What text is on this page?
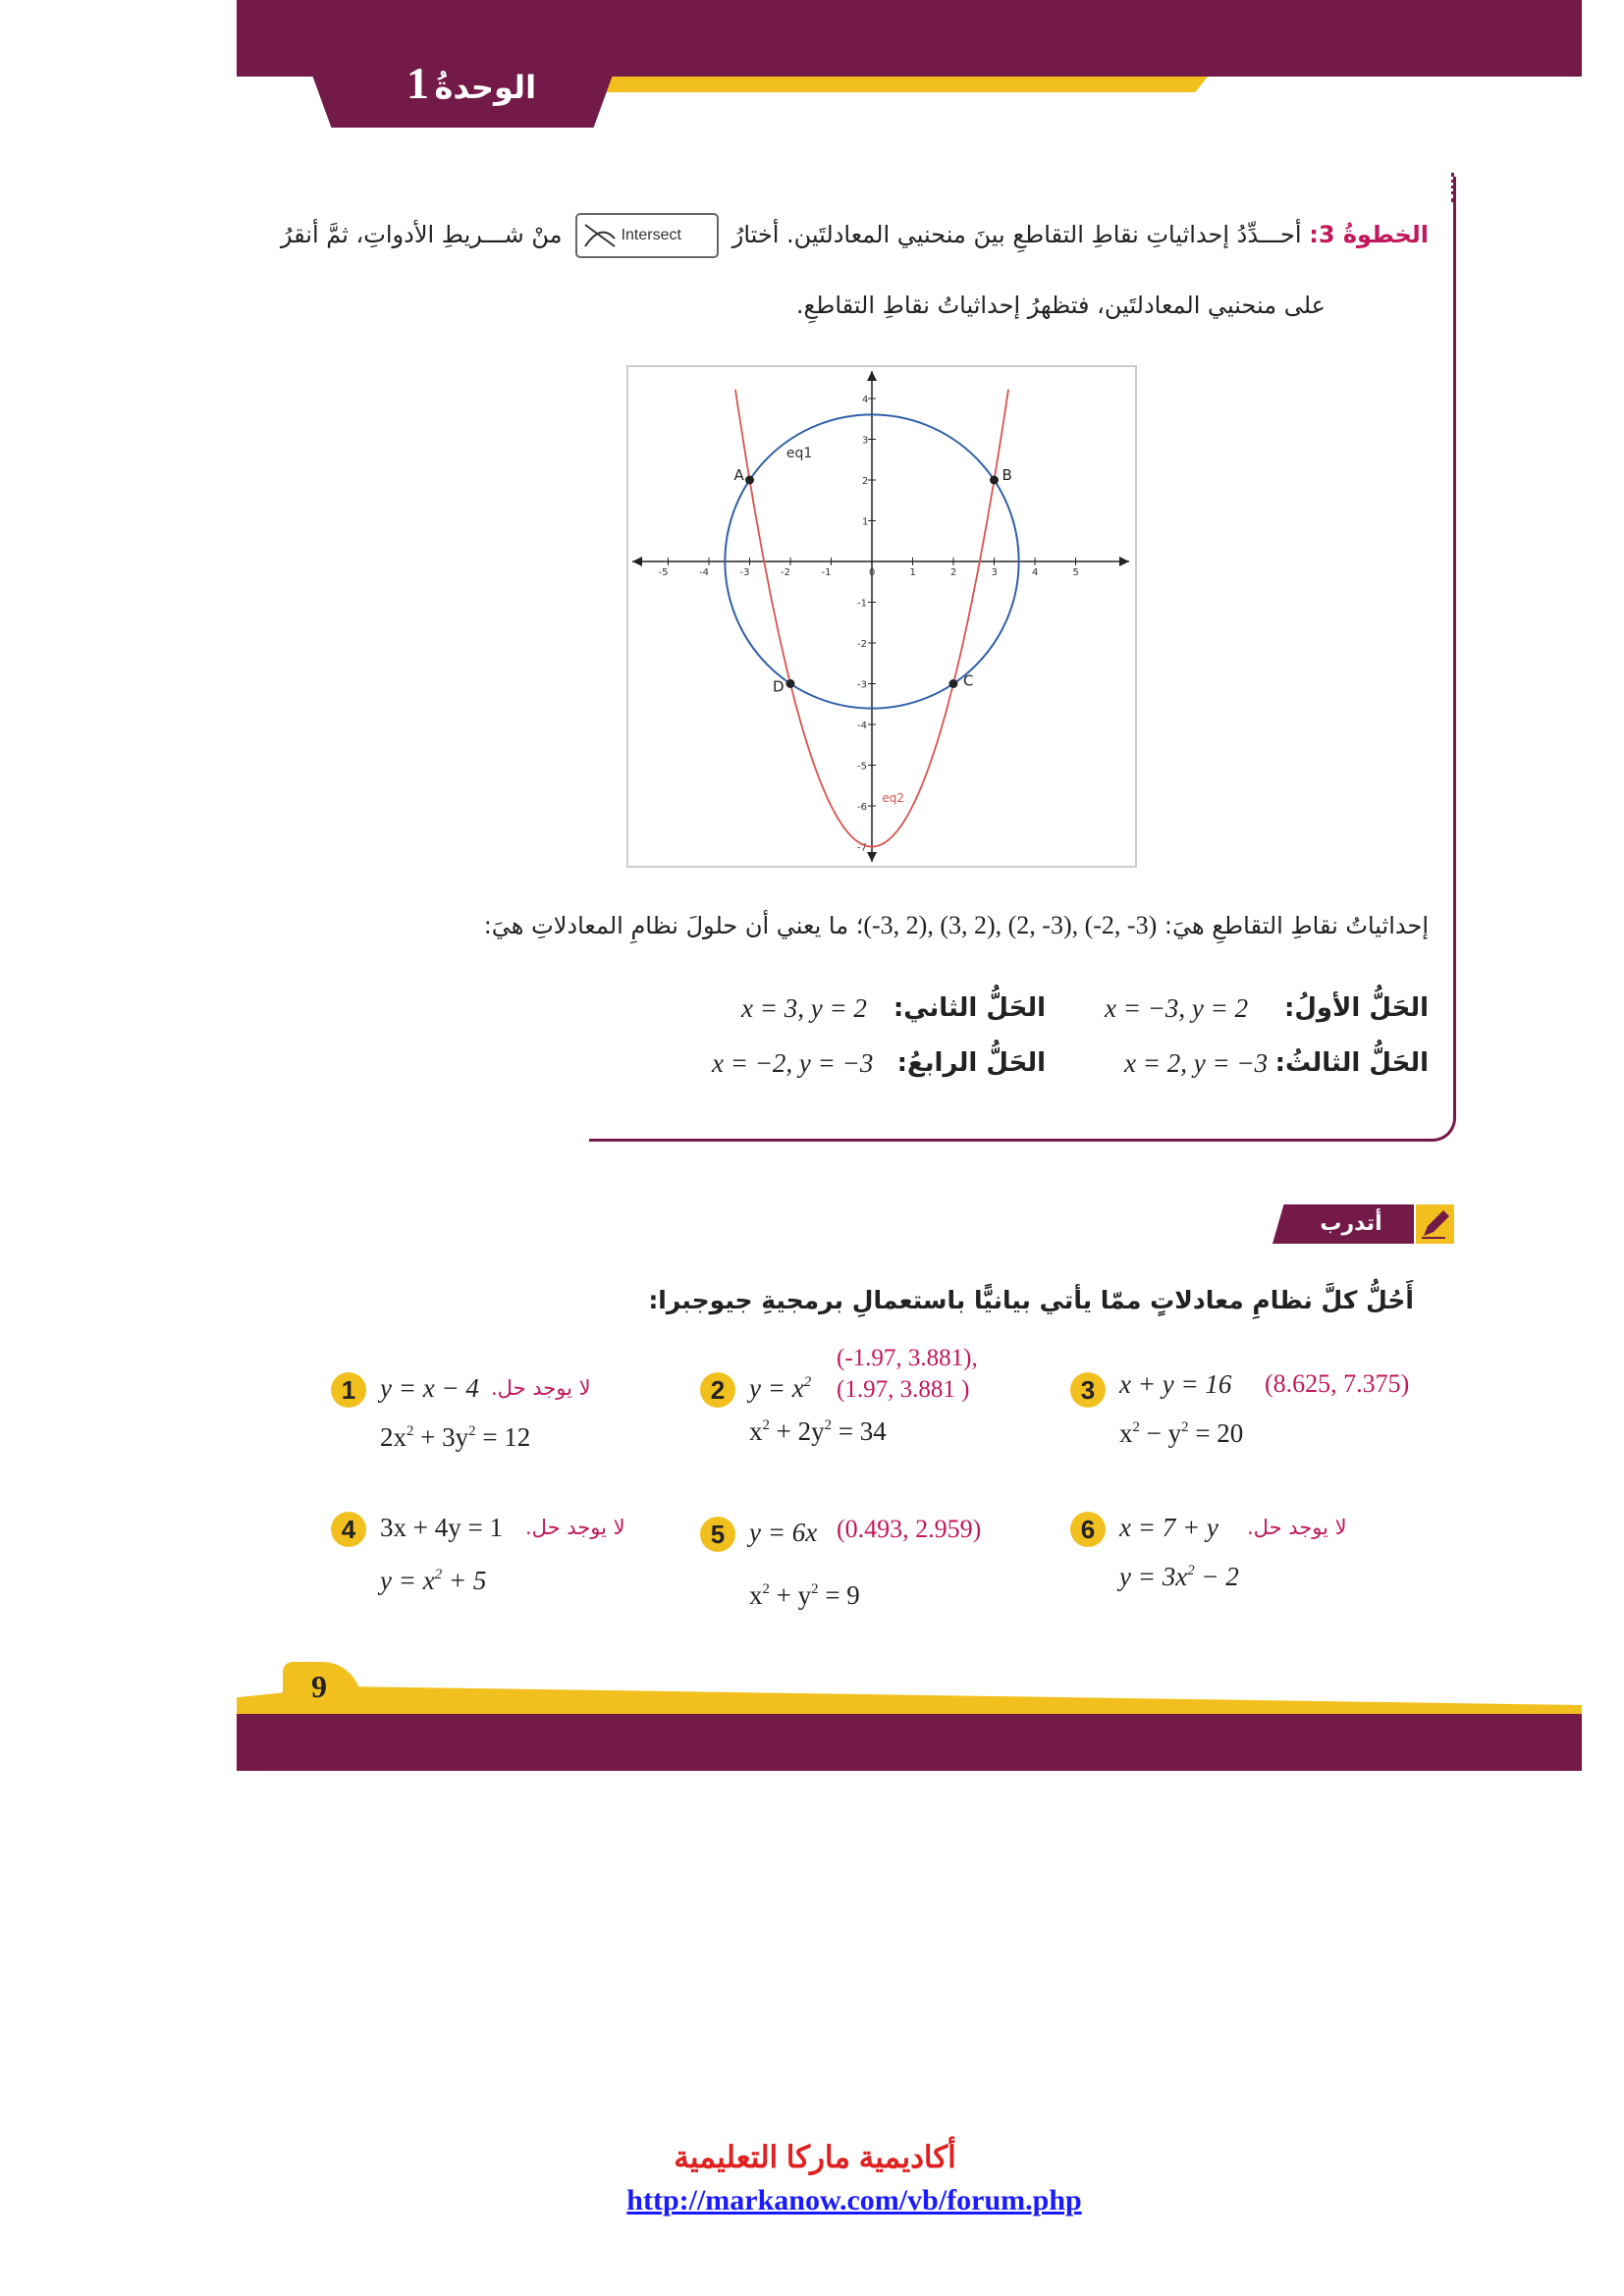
الوحدةُ 1
الخطوةُ 3: أحـــدِّدُ إحداثياتِ نقاطِ التقاطعِ بينَ منحنيي المعادلتَين. أختارُ  Intersect منْ شـــريطِ الأدواتِ، ثمَّ أنقرُ
على منحنيي المعادلتَين، فتظهرُ إحداثياتُ نقاطِ التقاطعِ.
-5	-4	-3	-2	-1	0	1	2	3	4	5
4
3
2
1
-1
-2
-3
-4
-5
-6
-7
eq1
eq2
A	B
C
D
إحداثياتُ نقاطِ التقاطعِ هيَ: (-3, 2), (3, 2), (2, -3), (-2, -3)؛ ما يعني أن حلولَ نظامِ المعادلاتِ هيَ:
الحَلُّ الأولُ:
x = −3, y = 2
الحَلُّ الثاني:
x = 3, y = 2
الحَلُّ الثالثُ:
x = 2, y = −3
الحَلُّ الرابعُ:
x = −2, y = −3
أتدرب
أَحُلُّ كلَّ نظامِ معادلاتٍ ممّا يأتي بيانيًّا باستعمالِ برمجيةِ جيوجبرا:
1 y = x − 4 لا يوجد حل.
$2x^2 + 3y^2 = 12$
2 $y = x^2$
(-1.97, 3.881),
(1.97, 3.881 )
$x^2 + 2y^2 = 34$
3 x + y = 16	(8.625, 7.375)
$x^2 - y^2 = 20$
4 3x + 4y = 1	لا يوجد حل.
$y = x^2 + 5$
5 y = 6x (0.493, 2.959)
$x^2 + y^2 = 9$
6 x = 7 + y	لا يوجد حل.
$y = 3x^2 - 2$
9
أكاديمية ماركا التعليمية
http://markanow.com/vb/forum.php
